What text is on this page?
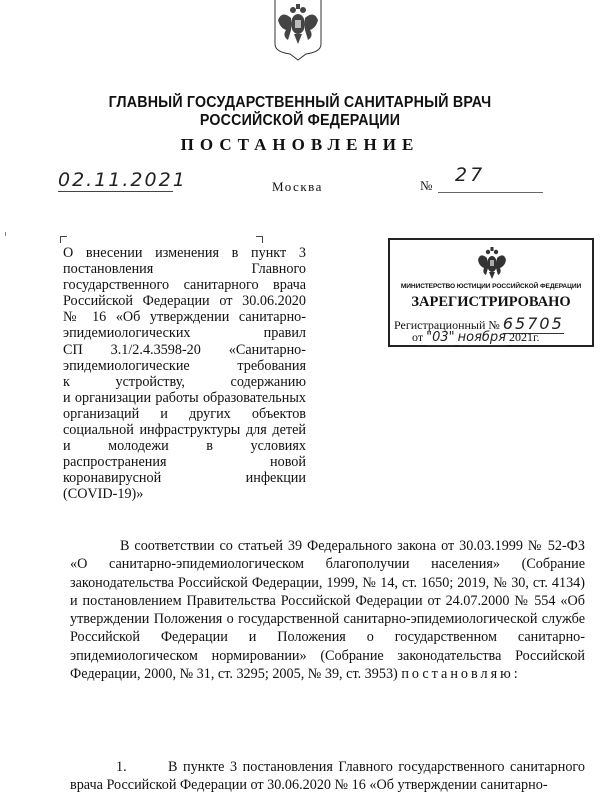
ГЛАВНЫЙ ГОСУДАРСТВЕННЫЙ САНИТАРНЫЙ ВРАЧ
РОССИЙСКОЙ ФЕДЕРАЦИИ
ПОСТАНОВЛЕНИЕ
02.11.2021	Москва	№ 27
О внесении изменения в пункт 3
постановления Главного
государственного санитарного врача
Российской Федерации от 30.06.2020
№ 16 «Об утверждении санитарно-
эпидемиологических правил
СП 3.1/2.4.3598-20 «Санитарно-
эпидемиологические требования
к устройству, содержанию
и организации работы образовательных
организаций и других объектов
социальной инфраструктуры для детей
и молодежи в условиях
распространения новой
коронавирусной инфекции
(COVID-19)»
МИНИСТЕРСТВО ЮСТИЦИИ РОССИЙСКОЙ ФЕДЕРАЦИИ
ЗАРЕГИСТРИРОВАНО
Регистрационный № 65705
от "03" ноября 2021г.
В соответствии со статьей 39 Федерального закона от 30.03.1999 № 52-ФЗ «О санитарно-эпидемиологическом благополучии населения» (Собрание законодательства Российской Федерации, 1999, № 14, ст. 1650; 2019, № 30, ст. 4134) и постановлением Правительства Российской Федерации от 24.07.2000 № 554 «Об утверждении Положения о государственной санитарно-эпидемиологической службе Российской Федерации и Положения о государственном санитарно-эпидемиологическом нормировании» (Собрание законодательства Российской Федерации, 2000, № 31, ст. 3295; 2005, № 39, ст. 3953) постановляю:
1.	В пункте 3 постановления Главного государственного санитарного врача Российской Федерации от 30.06.2020 № 16 «Об утверждении санитарно-
